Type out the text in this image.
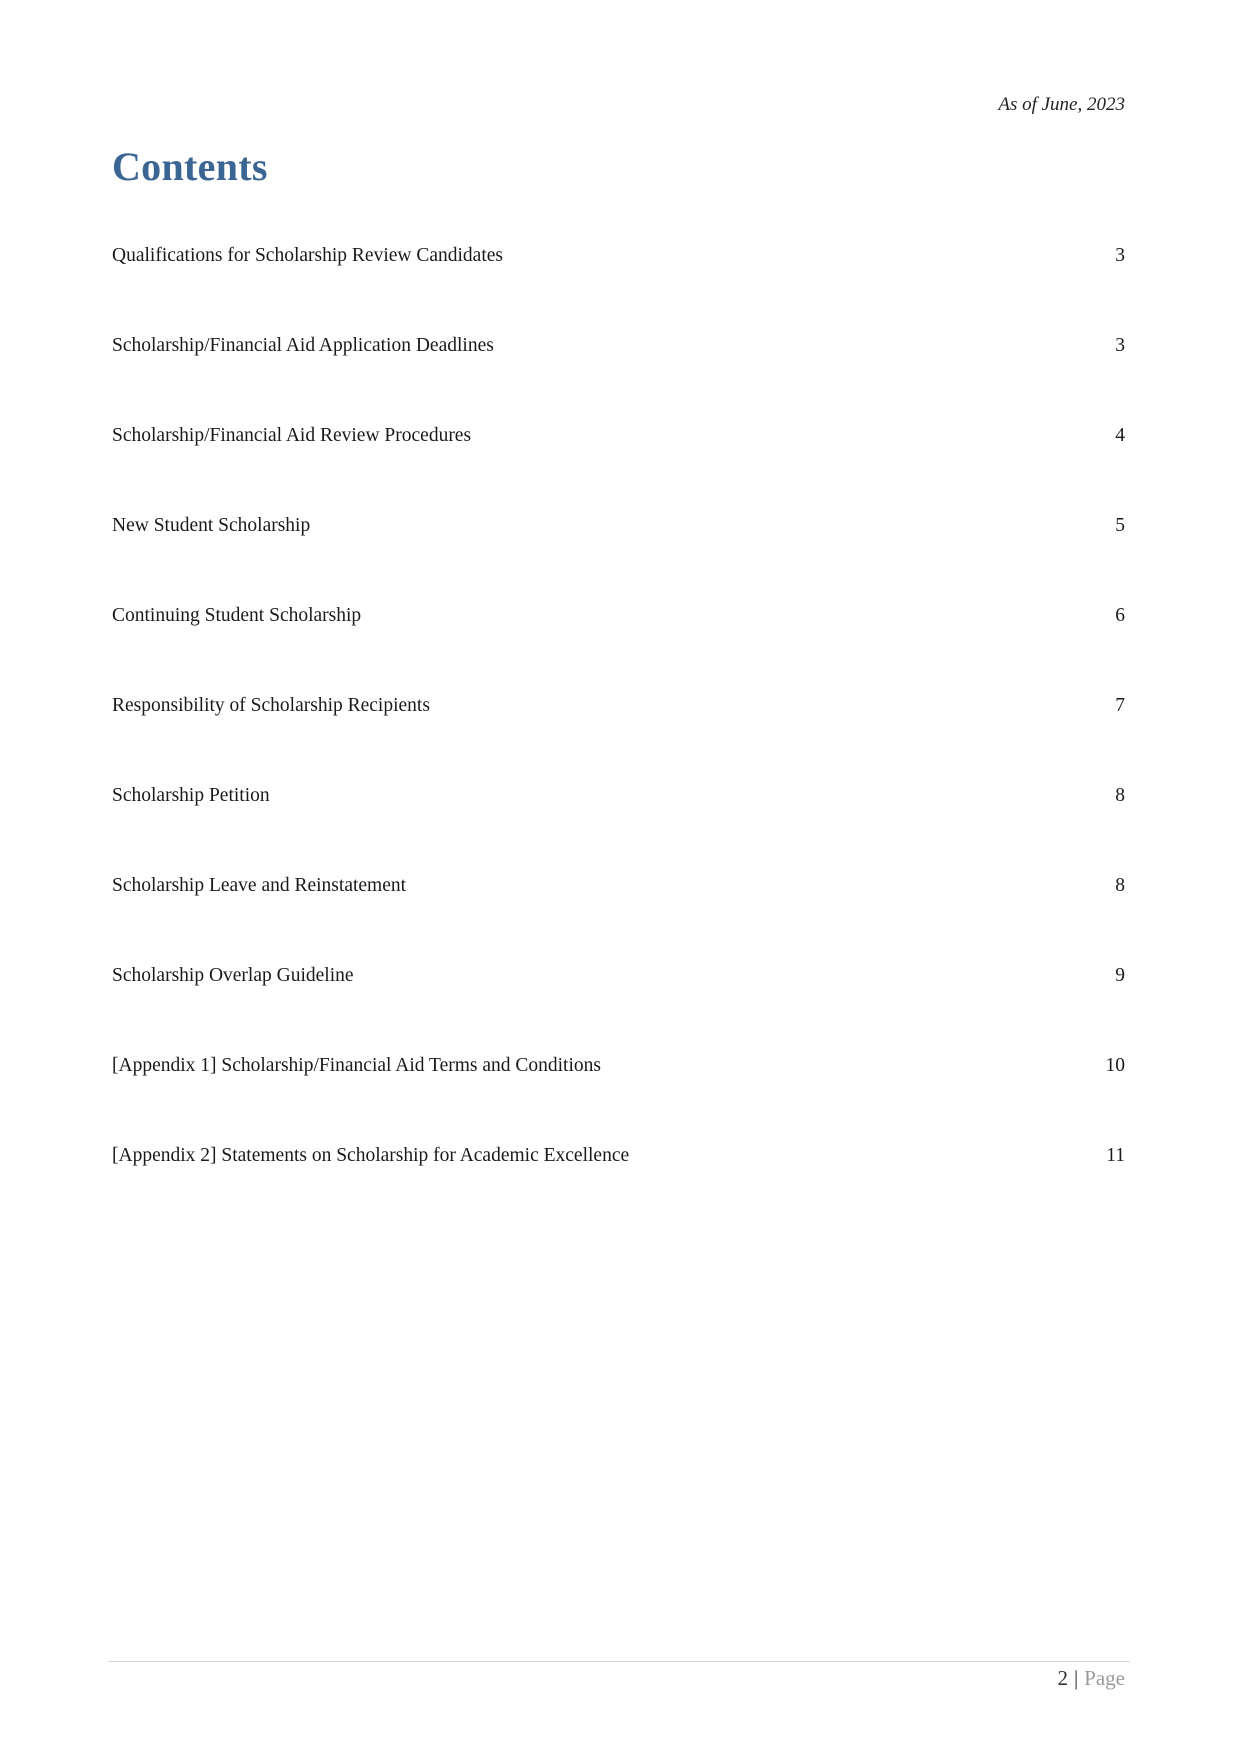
As of June, 2023
Contents
Qualifications for Scholarship Review Candidates	3
Scholarship/Financial Aid Application Deadlines	3
Scholarship/Financial Aid Review Procedures	4
New Student Scholarship	5
Continuing Student Scholarship	6
Responsibility of Scholarship Recipients	7
Scholarship Petition	8
Scholarship Leave and Reinstatement	8
Scholarship Overlap Guideline	9
[Appendix 1] Scholarship/Financial Aid Terms and Conditions	10
[Appendix 2] Statements on Scholarship for Academic Excellence	11
2 | Page
